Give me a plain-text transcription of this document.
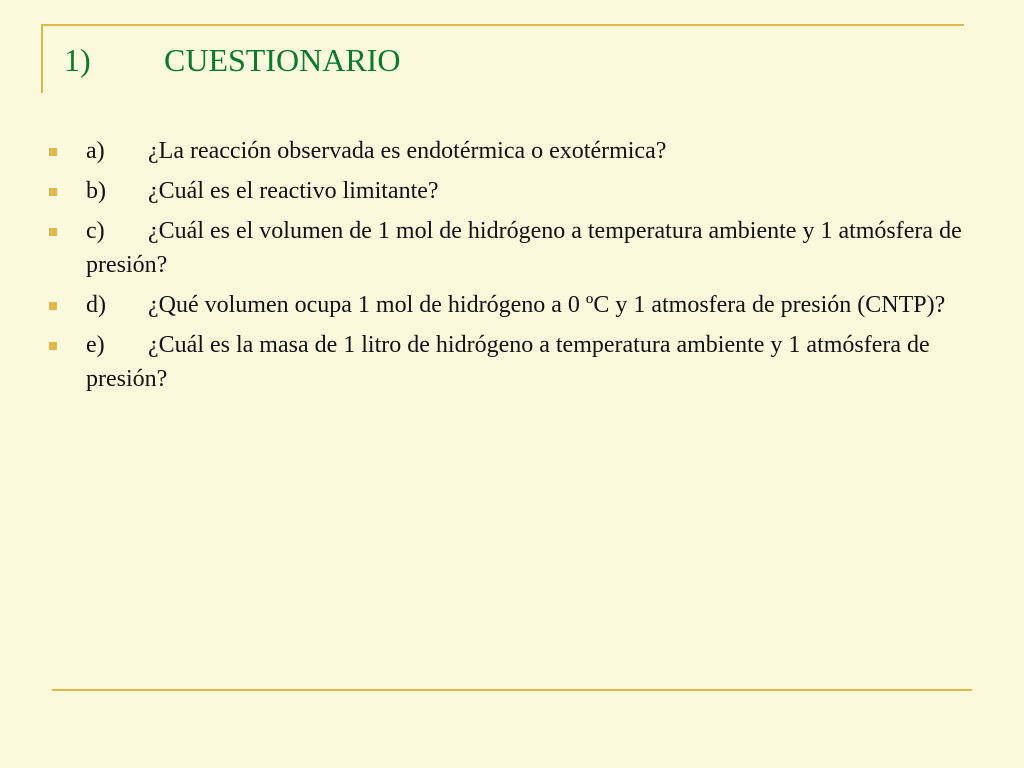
1) CUESTIONARIO
a) ¿La reacción observada es endotérmica o exotérmica?
b) ¿Cuál es el reactivo limitante?
c) ¿Cuál es el volumen de 1 mol de hidrógeno a temperatura ambiente y 1 atmósfera de presión?
d) ¿Qué volumen ocupa 1 mol de hidrógeno a 0 ºC y 1 atmosfera de presión (CNTP)?
e) ¿Cuál es la masa de 1 litro de hidrógeno a temperatura ambiente y 1 atmósfera de presión?
